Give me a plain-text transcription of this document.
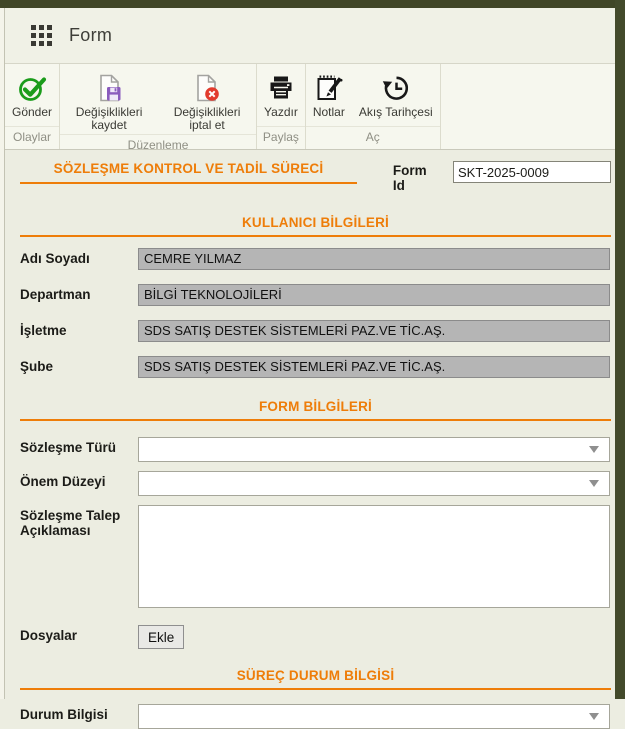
Form
Gönder
Olaylar
Değişiklikleri kaydet
Değişiklikleri iptal et
Düzenleme
Yazdır
Paylaş
Notlar Akış Tarihçesi
Aç
SÖZLEŞME KONTROL VE TADİL SÜRECİ	Form Id
SKT-2025-0009
KULLANICI BİLGİLERİ
Adı Soyadı	CEMRE YILMAZ
Departman	BİLGİ TEKNOLOJİLERİ
İşletme	SDS SATIŞ DESTEK SİSTEMLERİ PAZ.VE TİC.AŞ.
Şube	SDS SATIŞ DESTEK SİSTEMLERİ PAZ.VE TİC.AŞ.
FORM BİLGİLERİ
Sözleşme Türü
Önem Düzeyi
Sözleşme Talep Açıklaması
Dosyalar	Ekle
SÜREÇ DURUM BİLGİSİ
Durum Bilgisi
